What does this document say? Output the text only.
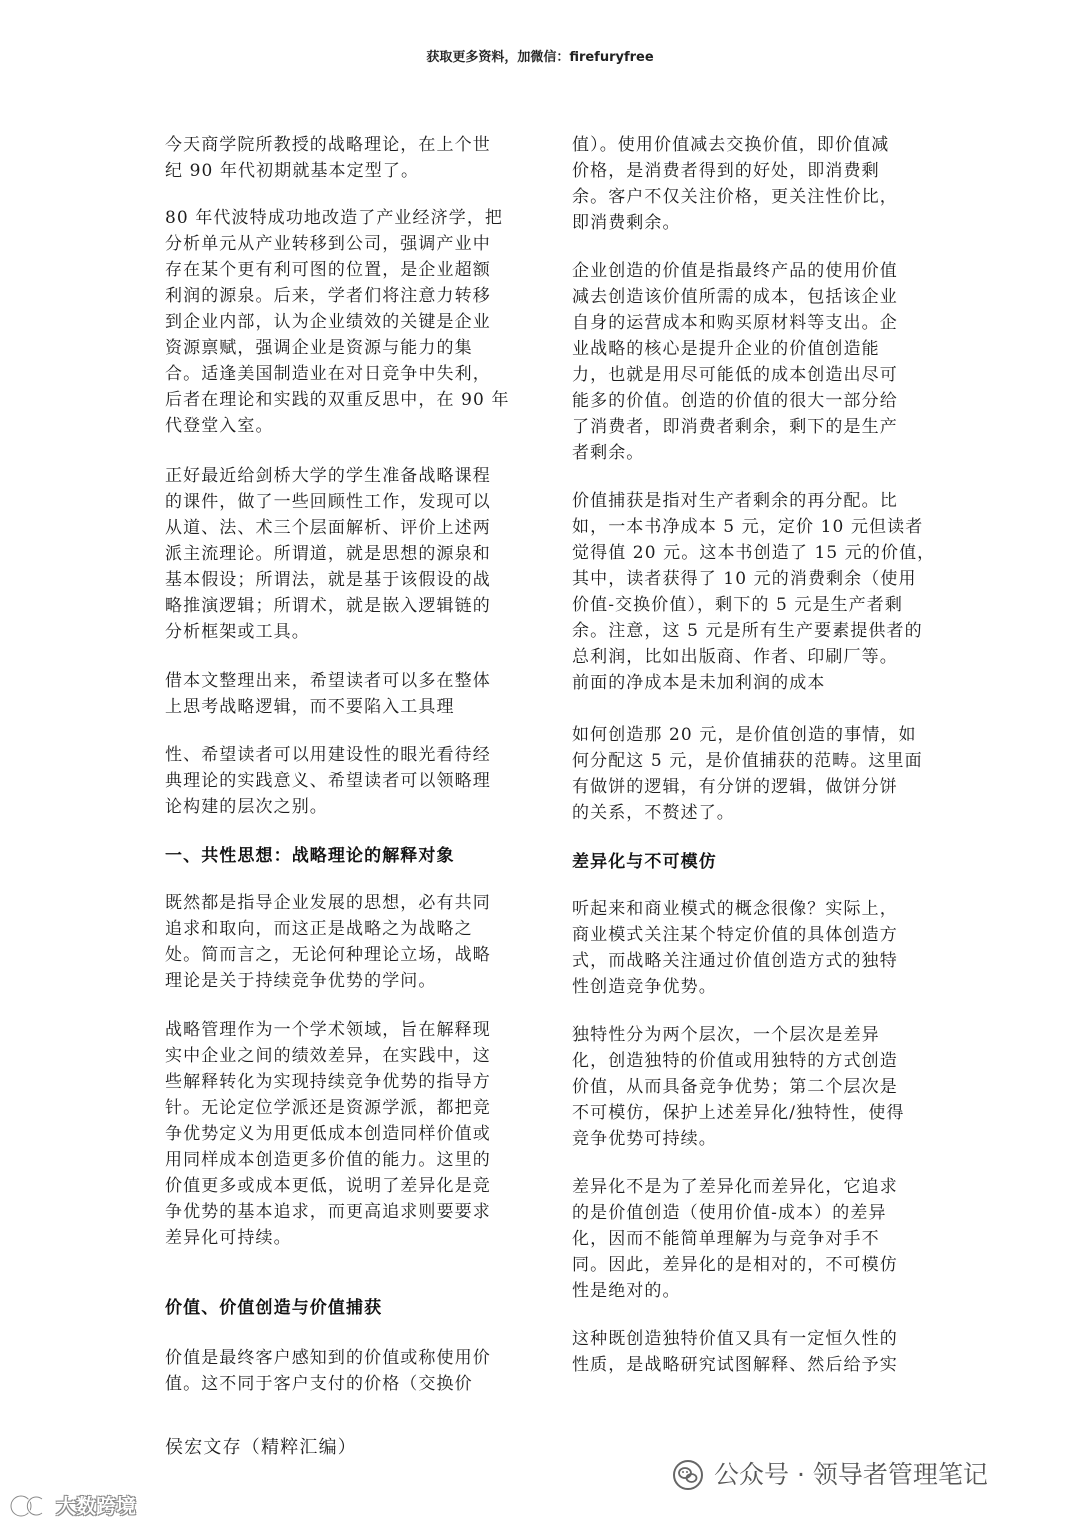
获取更多资料，加微信：firefuryfree
今天商学院所教授的战略理论，在上个世
纪 90 年代初期就基本定型了。
80 年代波特成功地改造了产业经济学，把
分析单元从产业转移到公司，强调产业中
存在某个更有利可图的位置，是企业超额
利润的源泉。后来，学者们将注意力转移
到企业内部，认为企业绩效的关键是企业
资源禀赋，强调企业是资源与能力的集
合。适逢美国制造业在对日竞争中失利，
后者在理论和实践的双重反思中，在 90 年
代登堂入室。
正好最近给剑桥大学的学生准备战略课程
的课件，做了一些回顾性工作，发现可以
从道、法、术三个层面解析、评价上述两
派主流理论。所谓道，就是思想的源泉和
基本假设；所谓法，就是基于该假设的战
略推演逻辑；所谓术，就是嵌入逻辑链的
分析框架或工具。
借本文整理出来，希望读者可以多在整体
上思考战略逻辑，而不要陷入工具理
性、希望读者可以用建设性的眼光看待经
典理论的实践意义、希望读者可以领略理
论构建的层次之别。
一、共性思想：战略理论的解释对象
既然都是指导企业发展的思想，必有共同
追求和取向，而这正是战略之为战略之
处。简而言之，无论何种理论立场，战略
理论是关于持续竞争优势的学问。
战略管理作为一个学术领域，旨在解释现
实中企业之间的绩效差异，在实践中，这
些解释转化为实现持续竞争优势的指导方
针。无论定位学派还是资源学派，都把竞
争优势定义为用更低成本创造同样价值或
用同样成本创造更多价值的能力。这里的
价值更多或成本更低，说明了差异化是竞
争优势的基本追求，而更高追求则要要求
差异化可持续。
价值、价值创造与价值捕获
价值是最终客户感知到的价值或称使用价
值。这不同于客户支付的价格（交换价
值）。使用价值减去交换价值，即价值减
价格，是消费者得到的好处，即消费剩
余。客户不仅关注价格，更关注性价比，
即消费剩余。
企业创造的价值是指最终产品的使用价值
减去创造该价值所需的成本，包括该企业
自身的运营成本和购买原材料等支出。企
业战略的核心是提升企业的价值创造能
力，也就是用尽可能低的成本创造出尽可
能多的价值。创造的价值的很大一部分给
了消费者，即消费者剩余，剩下的是生产
者剩余。
价值捕获是指对生产者剩余的再分配。比
如，一本书净成本 5 元，定价 10 元但读者
觉得值 20 元。这本书创造了 15 元的价值，
其中，读者获得了 10 元的消费剩余（使用
价值-交换价值），剩下的 5 元是生产者剩
余。注意，这 5 元是所有生产要素提供者的
总利润，比如出版商、作者、印刷厂等。
前面的净成本是未加利润的成本
如何创造那 20 元，是价值创造的事情，如
何分配这 5 元，是价值捕获的范畴。这里面
有做饼的逻辑，有分饼的逻辑，做饼分饼
的关系，不赘述了。
差异化与不可模仿
听起来和商业模式的概念很像？实际上，
商业模式关注某个特定价值的具体创造方
式，而战略关注通过价值创造方式的独特
性创造竞争优势。
独特性分为两个层次，一个层次是差异
化，创造独特的价值或用独特的方式创造
价值，从而具备竞争优势；第二个层次是
不可模仿，保护上述差异化/独特性，使得
竞争优势可持续。
差异化不是为了差异化而差异化，它追求
的是价值创造（使用价值-成本）的差异
化，因而不能简单理解为与竞争对手不
同。因此，差异化的是相对的，不可模仿
性是绝对的。
这种既创造独特价值又具有一定恒久性的
性质，是战略研究试图解释、然后给予实
侯宏文存（精粹汇编）
公众号 · 领导者管理笔记
大数跨境
